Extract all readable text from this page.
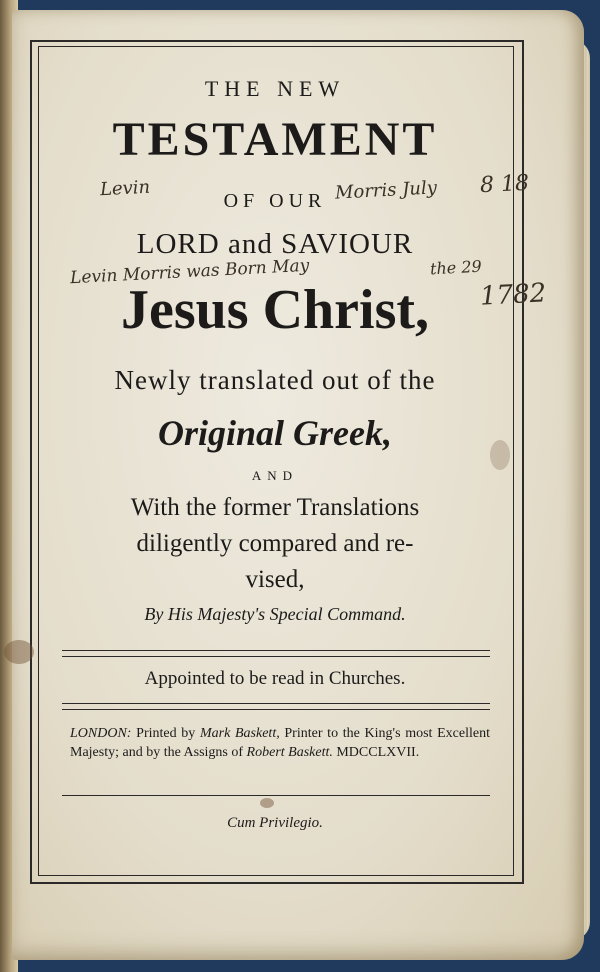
THE NEW
TESTAMENT
OF OUR
LORD and SAVIOUR
Jesus Christ,
Newly translated out of the
Original Greek,
AND
With the former Translations
diligently compared and re-
vised,
By His Majesty's Special Command.
Appointed to be read in Churches.
LONDON: Printed by Mark Baskett, Printer to the King's most Excellent Majesty; and by the Assigns of Robert Baskett. MDCCLXVII.
Cum Privilegio.
Levin	Morris July 8 18
Levin Morris was Born May	the 29
1782
